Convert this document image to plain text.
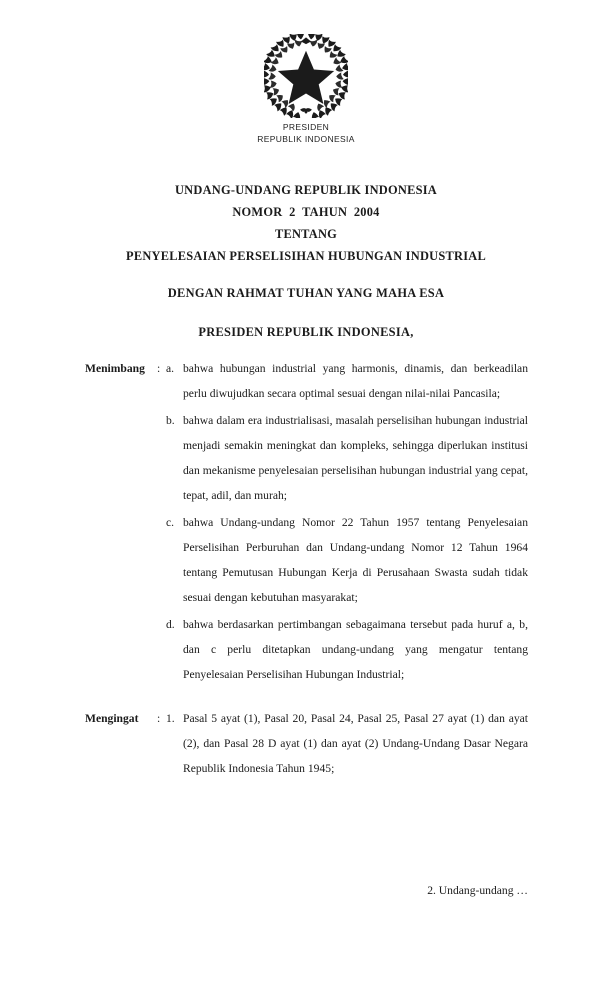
PRESIDEN
REPUBLIK INDONESIA
UNDANG-UNDANG REPUBLIK INDONESIA
NOMOR  2  TAHUN  2004
TENTANG
PENYELESAIAN PERSELISIHAN HUBUNGAN INDUSTRIAL
DENGAN RAHMAT TUHAN YANG MAHA ESA
PRESIDEN REPUBLIK INDONESIA,
Menimbang	: a. bahwa hubungan industrial yang harmonis, dinamis, dan berkeadilan perlu diwujudkan secara optimal sesuai dengan nilai-nilai Pancasila;
b. bahwa dalam era industrialisasi, masalah perselisihan hubungan industrial menjadi semakin meningkat dan kompleks, sehingga diperlukan institusi dan mekanisme penyelesaian perselisihan hubungan industrial yang cepat, tepat, adil, dan murah;
c. bahwa Undang-undang Nomor 22 Tahun 1957 tentang Penyelesaian Perselisihan Perburuhan dan Undang-undang Nomor 12 Tahun 1964 tentang Pemutusan Hubungan Kerja di Perusahaan Swasta sudah tidak sesuai dengan kebutuhan masyarakat;
d. bahwa berdasarkan pertimbangan sebagaimana tersebut pada huruf a, b, dan c perlu ditetapkan undang-undang yang mengatur tentang Penyelesaian Perselisihan Hubungan Industrial;
Mengingat	: 1. Pasal 5 ayat (1), Pasal 20, Pasal 24, Pasal 25, Pasal 27 ayat (1) dan ayat (2), dan Pasal 28 D ayat (1) dan ayat (2) Undang-Undang Dasar Negara Republik Indonesia Tahun 1945;
2. Undang-undang …
